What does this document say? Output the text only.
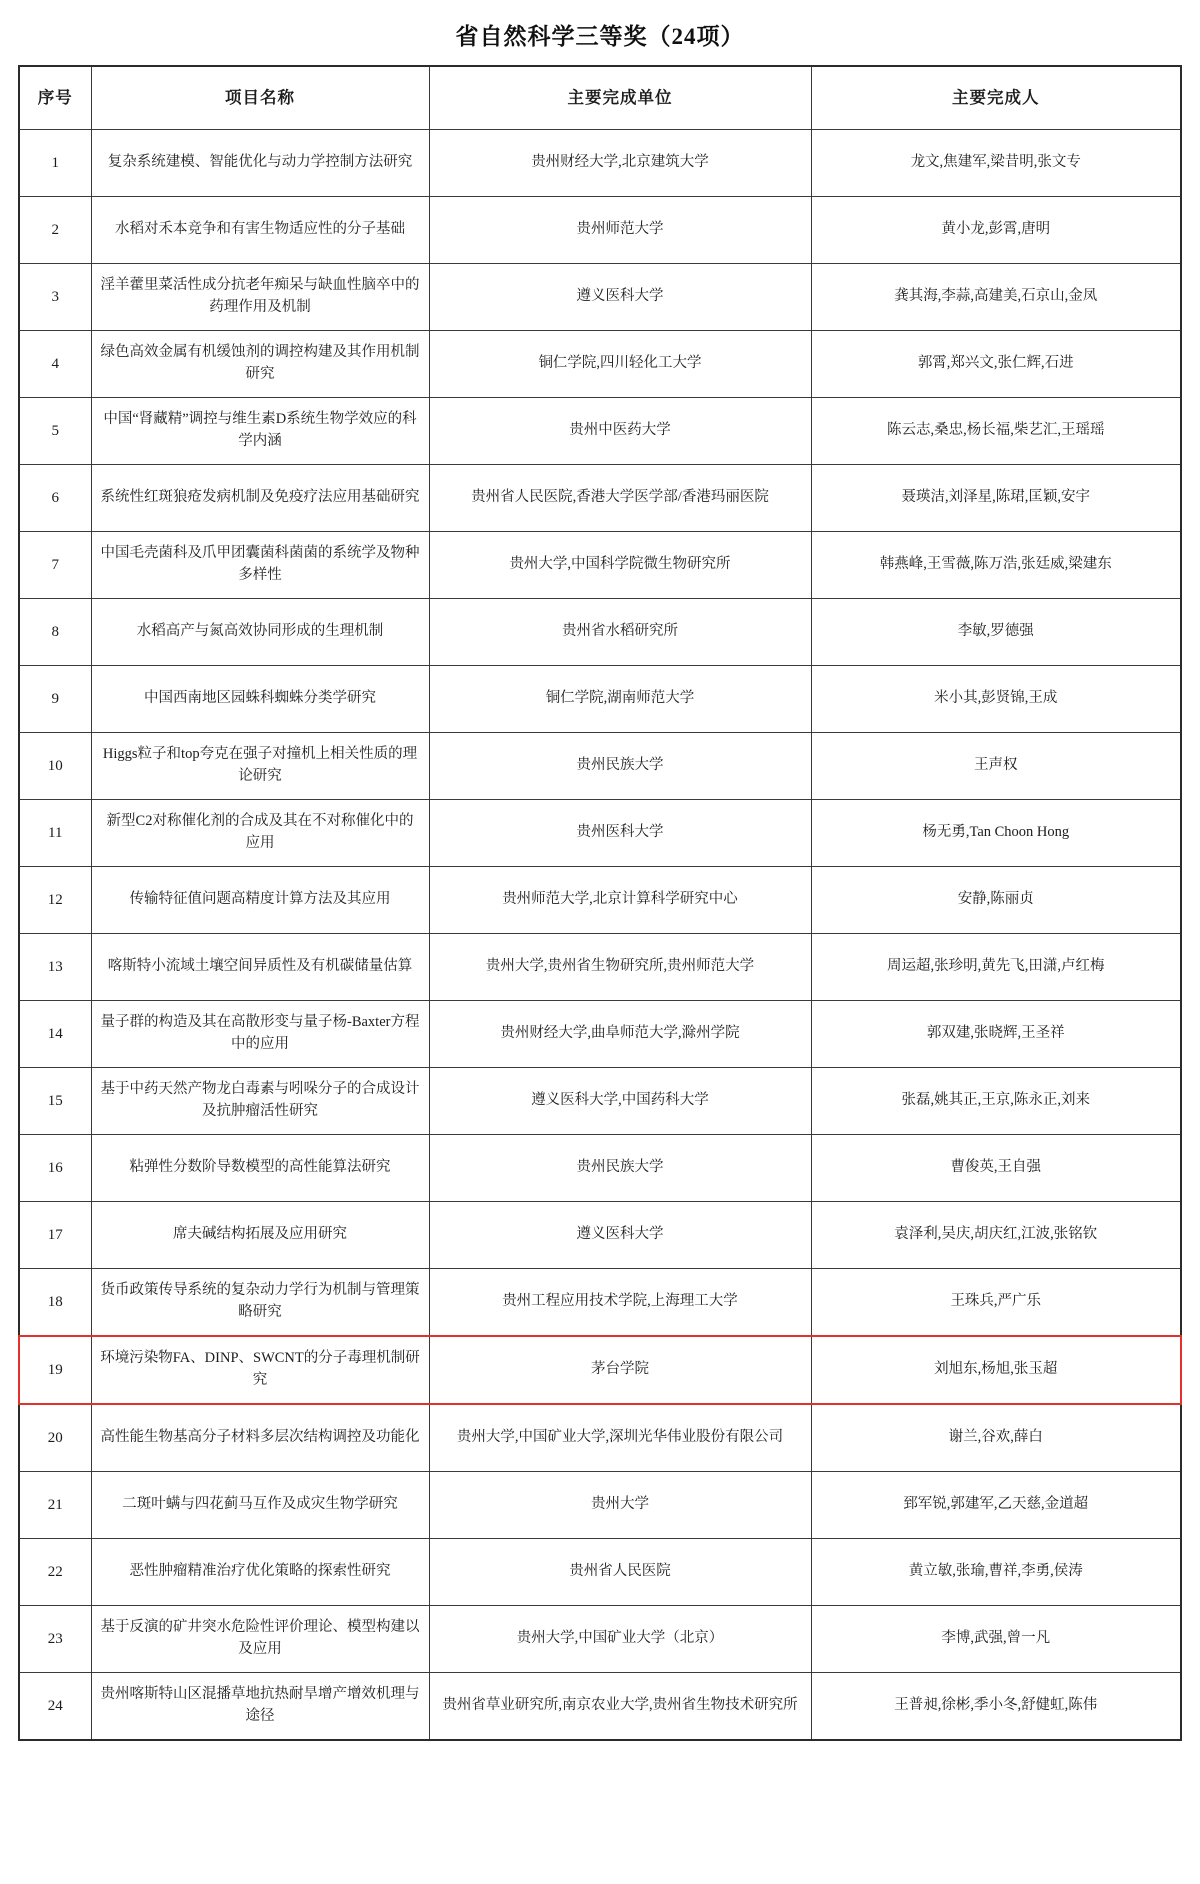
省自然科学三等奖（24项）
序号	项目名称	主要完成单位	主要完成人
1	复杂系统建模、智能优化与动力学控制方法研究	贵州财经大学,北京建筑大学	龙文,焦建军,梁昔明,张文专
2	水稻对禾本竞争和有害生物适应性的分子基础	贵州师范大学	黄小龙,彭霄,唐明
3	淫羊藿里菜活性成分抗老年痴呆与缺血性脑卒中的药理作用及机制	遵义医科大学	龚其海,李蒜,高建美,石京山,金凤
4	绿色高效金属有机缓蚀剂的调控构建及其作用机制研究	铜仁学院,四川轻化工大学	郭霄,郑兴文,张仁辉,石进
5	中国“肾藏精”调控与维生素D系统生物学效应的科学内涵	贵州中医药大学	陈云志,桑忠,杨长福,柴艺汇,王瑶瑶
6	系统性红斑狼疮发病机制及免疫疗法应用基础研究	贵州省人民医院,香港大学医学部/香港玛丽医院	聂瑛洁,刘泽星,陈珺,匡颖,安宇
7	中国毛壳菌科及爪甲团囊菌科菌菌的系统学及物种多样性	贵州大学,中国科学院微生物研究所	韩燕峰,王雪薇,陈万浩,张廷威,梁建东
8	水稻高产与氮高效协同形成的生理机制	贵州省水稻研究所	李敏,罗德强
9	中国西南地区园蛛科蜘蛛分类学研究	铜仁学院,湖南师范大学	米小其,彭贤锦,王成
10	Higgs粒子和top夸克在强子对撞机上相关性质的理论研究	贵州民族大学	王声权
11	新型C2对称催化剂的合成及其在不对称催化中的应用	贵州医科大学	杨无勇,Tan Choon Hong
12	传输特征值问题高精度计算方法及其应用	贵州师范大学,北京计算科学研究中心	安静,陈丽贞
13	喀斯特小流域土壤空间异质性及有机碳储量估算	贵州大学,贵州省生物研究所,贵州师范大学	周运超,张珍明,黄先飞,田潇,卢红梅
14	量子群的构造及其在高散形变与量子杨-Baxter方程中的应用	贵州财经大学,曲阜师范大学,滁州学院	郭双建,张晓辉,王圣祥
15	基于中药天然产物龙白毒素与吲哚分子的合成设计及抗肿瘤活性研究	遵义医科大学,中国药科大学	张磊,姚其正,王京,陈永正,刘来
16	粘弹性分数阶导数模型的高性能算法研究	贵州民族大学	曹俊英,王自强
17	席夫碱结构拓展及应用研究	遵义医科大学	袁泽利,吴庆,胡庆红,江波,张铭钦
18	货币政策传导系统的复杂动力学行为机制与管理策略研究	贵州工程应用技术学院,上海理工大学	王珠兵,严广乐
19	环境污染物FA、DINP、SWCNT的分子毒理机制研究	茅台学院	刘旭东,杨旭,张玉超
20	高性能生物基高分子材料多层次结构调控及功能化	贵州大学,中国矿业大学,深圳光华伟业股份有限公司	谢兰,谷欢,薛白
21	二斑叶螨与四花蓟马互作及成灾生物学研究	贵州大学	郅军锐,郭建军,乙天慈,金道超
22	恶性肿瘤精准治疗优化策略的探索性研究	贵州省人民医院	黄立敏,张瑜,曹祥,李勇,侯涛
23	基于反演的矿井突水危险性评价理论、模型构建以及应用	贵州大学,中国矿业大学（北京）	李博,武强,曾一凡
24	贵州喀斯特山区混播草地抗热耐旱增产增效机理与途径	贵州省草业研究所,南京农业大学,贵州省生物技术研究所	王普昶,徐彬,季小冬,舒健虹,陈伟
